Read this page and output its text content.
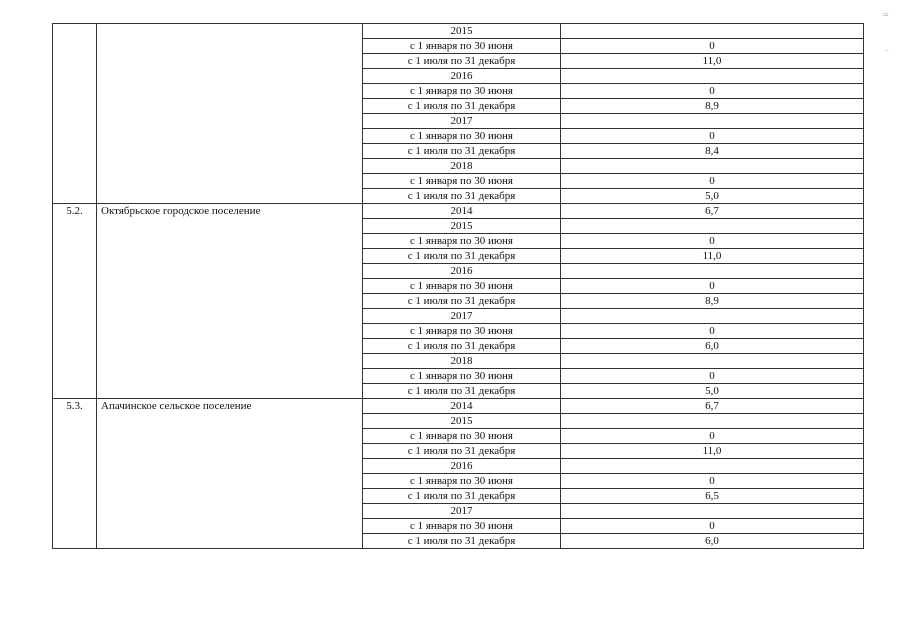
=
–
		2015	
		с 1 января по 30 июня	0
		с 1 июля по 31 декабря	11,0
		2016	
		с 1 января по 30 июня	0
		с 1 июля по 31 декабря	8,9
		2017	
		с 1 января по 30 июня	0
		с 1 июля по 31 декабря	8,4
		2018	
		с 1 января по 30 июня	0
		с 1 июля по 31 декабря	5,0
5.2.	Октябрьское городское поселение	2014	6,7
		2015	
		с 1 января по 30 июня	0
		с 1 июля по 31 декабря	11,0
		2016	
		с 1 января по 30 июня	0
		с 1 июля по 31 декабря	8,9
		2017	
		с 1 января по 30 июня	0
		с 1 июля по 31 декабря	6,0
		2018	
		с 1 января по 30 июня	0
		с 1 июля по 31 декабря	5,0
5.3.	Апачинское сельское поселение	2014	6,7
		2015	
		с 1 января по 30 июня	0
		с 1 июля по 31 декабря	11,0
		2016	
		с 1 января по 30 июня	0
		с 1 июля по 31 декабря	6,5
		2017	
		с 1 января по 30 июня	0
		с 1 июля по 31 декабря	6,0
